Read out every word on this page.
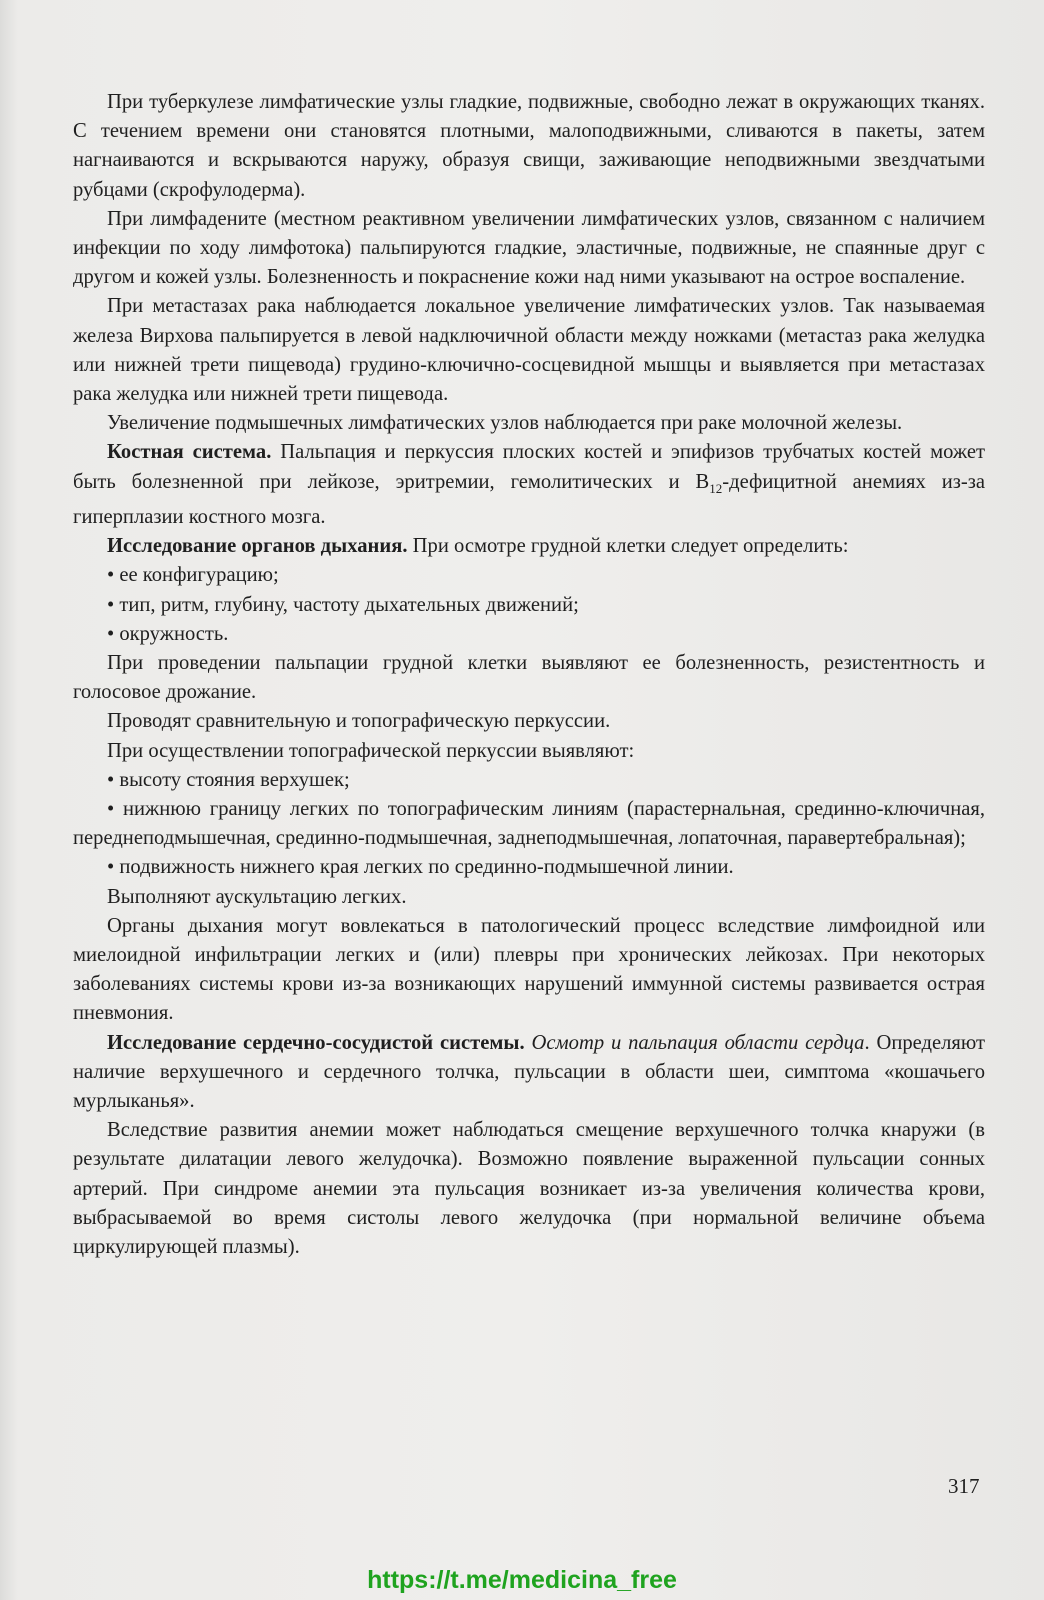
При туберкулезе лимфатические узлы гладкие, подвижные, свободно лежат в окружающих тканях. С течением времени они становятся плотными, малоподвижными, сливаются в пакеты, затем нагнаиваются и вскрываются наружу, образуя свищи, заживающие неподвижными звездчатыми рубцами (скрофулодерма).

При лимфадените (местном реактивном увеличении лимфатических узлов, связанном с наличием инфекции по ходу лимфотока) пальпируются гладкие, эластичные, подвижные, не спаянные друг с другом и кожей узлы. Болезненность и покраснение кожи над ними указывают на острое воспаление.

При метастазах рака наблюдается локальное увеличение лимфатических узлов. Так называемая железа Вирхова пальпируется в левой надключичной области между ножками (метастаз рака желудка или нижней трети пищевода) грудино-ключично-сосцевидной мышцы и выявляется при метастазах рака желудка или нижней трети пищевода.

Увеличение подмышечных лимфатических узлов наблюдается при раке молочной железы.

Костная система. Пальпация и перкуссия плоских костей и эпифизов трубчатых костей может быть болезненной при лейкозе, эритремии, гемолитических и $B_{12}$-дефицитной анемиях из-за гиперплазии костного мозга.

Исследование органов дыхания. При осмотре грудной клетки следует определить:

• ее конфигурацию;

• тип, ритм, глубину, частоту дыхательных движений;

• окружность.

При проведении пальпации грудной клетки выявляют ее болезненность, резистентность и голосовое дрожание.

Проводят сравнительную и топографическую перкуссии.

При осуществлении топографической перкуссии выявляют:

• высоту стояния верхушек;

• нижнюю границу легких по топографическим линиям (парастернальная, срединно-ключичная, переднеподмышечная, срединно-подмышечная, заднеподмышечная, лопаточная, паравертебральная);

• подвижность нижнего края легких по срединно-подмышечной линии.

Выполняют аускультацию легких.

Органы дыхания могут вовлекаться в патологический процесс вследствие лимфоидной или миелоидной инфильтрации легких и (или) плевры при хронических лейкозах. При некоторых заболеваниях системы крови из-за возникающих нарушений иммунной системы развивается острая пневмония.

Исследование сердечно-сосудистой системы. Осмотр и пальпация области сердца. Определяют наличие верхушечного и сердечного толчка, пульсации в области шеи, симптома «кошачьего мурлыканья».

Вследствие развития анемии может наблюдаться смещение верхушечного толчка кнаружи (в результате дилатации левого желудочка). Возможно появление выраженной пульсации сонных артерий. При синдроме анемии эта пульсация возникает из-за увеличения количества крови, выбрасываемой во время систолы левого желудочка (при нормальной величине объема циркулирующей плазмы).

317
https://t.me/medicina_free
